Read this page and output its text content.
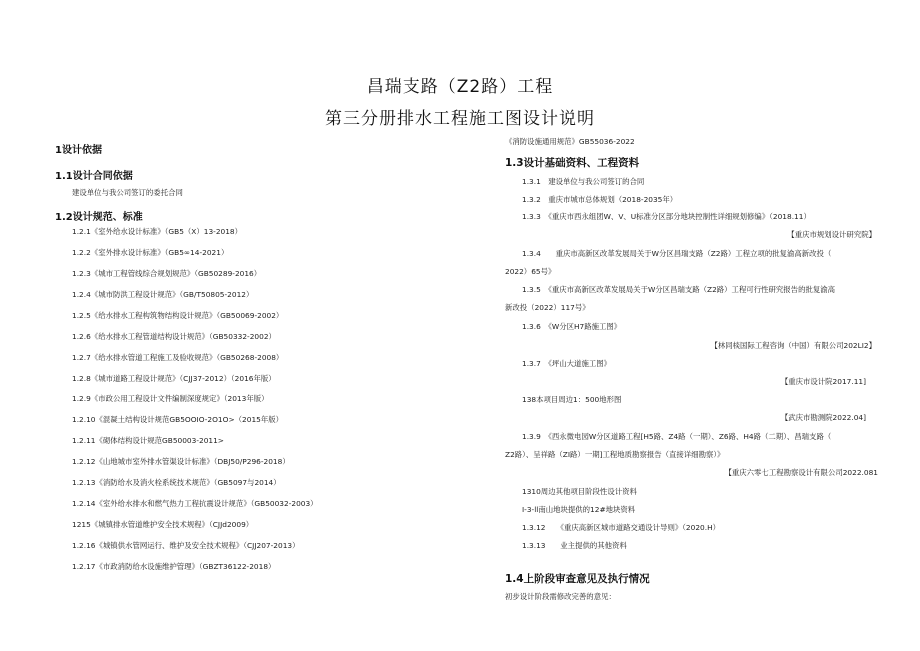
昌瑞支路（Z2路）工程
第三分册排水工程施工图设计说明
1设计依据
1.1设计合同依据
建设单位与我公司签订的委托合同
1.2设计规范、标准
1.2.1《室外给水设计标准》（GB5（X）13-2018）
1.2.2《室外排水设计标准》（GB5∞14-2021）
1.2.3《城市工程管线综合规划规范》（GB50289-2016）
1.2.4《城市防洪工程设计规范》（GB/T50805-2012）
1.2.5《给水排水工程构筑物结构设计规范》（GB50069-2002）
1.2.6《给水排水工程管道结构设计规范》（GB50332-2002）
1.2.7《给水排水管道工程施工及验收规范》（GB50268-2008）
1.2.8《城市道路工程设计规范》（CJJ37-2012）（2016年版）
1.2.9《市政公用工程设计文件编制深度规定》（2013年版）
1.2.10《混凝土结构设计规范GB5OOIO-2O1O>（2015年版）
1.2.11《砌体结构设计规范GB50003-2011>
1.2.12《山地城市室外排水管渠设计标准》（DBJ50/P296-2018）
1.2.13《消防给水及消火栓系统技术规范》（GB5097与2014）
1.2.14《室外给水排水和燃气热力工程抗震设计规范》（GB50032-2003）
1215《城镇排水管道维护安全技术规程》（CJJd2009）
1.2.16《城镇供水管网运行、维护及安全技术规程》（CJJ207-2013）
1.2.17《市政消防给水设施维护管理》（GBZT36122-2018）
《消防设施通用规范》GB55036-2022
1.3设计基础资料、工程资料
1.3.1　建设单位与我公司签订的合同
1.3.2　重庆市城市总体规划（2018-2035年）
1.3.3　《重庆市西永组团W、V、U标准分区部分地块控制性详细规划修编》（2018.11）
【重庆市规划设计研究院】
1.3.4　　重庆市高新区改革发展局关于W分区昌瑞支路（Z2路）工程立项的批复渝高新改投（
2022）65号》
1.3.5　《重庆市高新区改革发展局关于W分区昌瑞支路（Z2路）工程可行性研究报告的批复渝高
新改投（2022）117号》
1.3.6　《W分区H7路施工图》
【林同棪国际工程咨询（中国）有限公司202LI2】
1.3.7　《坪山大道施工图》
【重庆市设计院2017.11]
138本项目周边1：500地形图
【武庆市勘测院2022.04]
1.3.9　《西永微电园W分区道路工程[H5路、Z4路（一期）、Z6路、H4路（二期）、昌瑞支路（
Z2路）、呈祥路（ZI路）一期]工程地质勘察报告（直接详细勘察）》
【重庆六零七工程勘察设计有限公司2022.081
1310周边其他项目阶段性设计资料
I-3-ll南山地块提供的12#地块资料
1.3.12　　《重庆高新区城市道路交通设计导则》（2020.H）
1.3.13　　业主提供的其他资料
1.4上阶段审查意见及执行情况
初步设计阶段需修改完善的意见：
